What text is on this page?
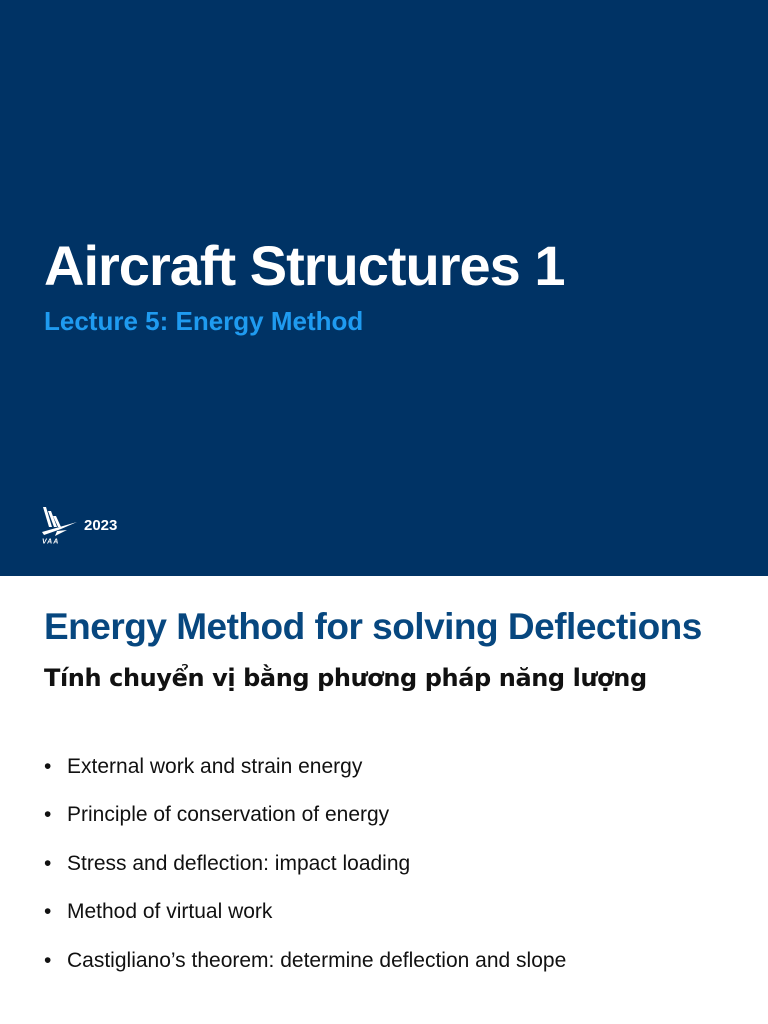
Aircraft Structures 1
Lecture 5: Energy Method
VAA
2023
Energy Method for solving Deflections
Tính chuyển vị bằng phương pháp năng lượng
• External work and strain energy
• Principle of conservation of energy
• Stress and deflection: impact loading
• Method of virtual work
• Castigliano’s theorem: determine deflection and slope
